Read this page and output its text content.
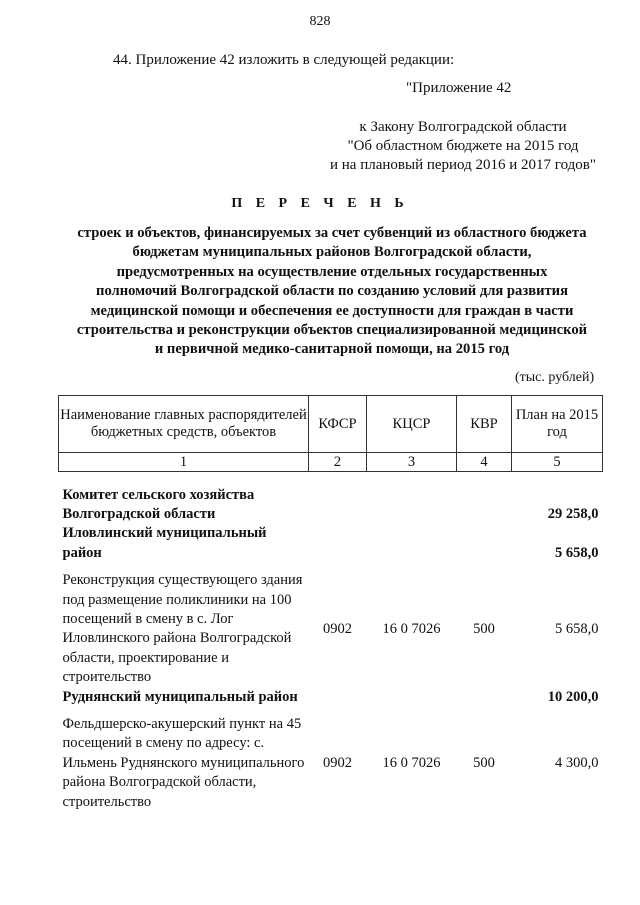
828
44. Приложение 42 изложить в следующей редакции:
"Приложение 42
к Закону Волгоградской области
"Об областном бюджете на 2015 год
и на плановый период 2016 и 2017 годов"
П Е Р Е Ч Е Н Ь
строек и объектов, финансируемых за счет субвенций из областного бюджета
бюджетам муниципальных районов Волгоградской области,
предусмотренных на осуществление отдельных государственных
полномочий Волгоградской области по созданию условий для развития
медицинской помощи и обеспечения ее доступности для граждан в части
строительства и реконструкции объектов специализированной медицинской
и первичной медико-санитарной помощи, на 2015 год
(тыс. рублей)
Наименование главных распорядителей бюджетных средств, объектов	КФСР	КЦСР	КВР	План на 2015 год
1	2	3	4	5

Комитет сельского хозяйства Волгоградской области				29 258,0
Иловлинский муниципальный район				5 658,0

Реконструкция существующего здания под размещение поликлиники на 100 посещений в смену в с. Лог Иловлинского района Волгоградской области, проектирование и строительство	0902	16 0 7026	500	5 658,0
Руднянский муниципальный район				10 200,0

Фельдшерско-акушерский пункт на 45 посещений в смену по адресу: с. Ильмень Руднянского муниципального района Волгоградской области, строительство	0902	16 0 7026	500	4 300,0
